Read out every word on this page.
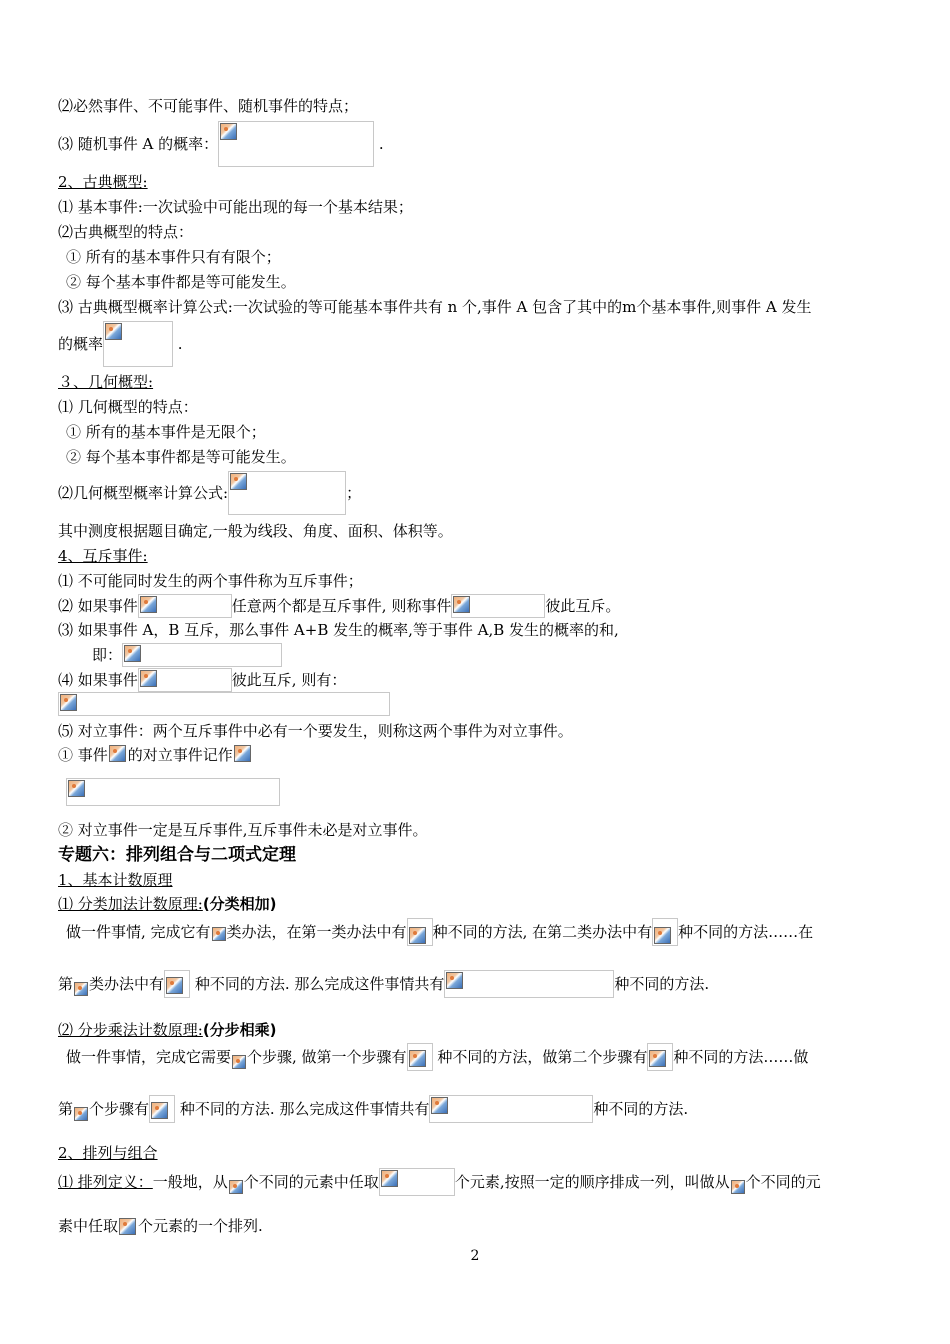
⑵必然事件、不可能事件、随机事件的特点；
⑶ 随机事件 A 的概率：	.
2、古典概型:
⑴ 基本事件:一次试验中可能出现的每一个基本结果；
⑵古典概型的特点：
① 所有的基本事件只有有限个；
② 每个基本事件都是等可能发生。
⑶ 古典概型概率计算公式:一次试验的等可能基本事件共有 n 个,事件 A 包含了其中的m个基本事件,则事件 A 发生
的概率	.
３、几何概型:
⑴ 几何概型的特点：
① 所有的基本事件是无限个；
② 每个基本事件都是等可能发生。
⑵几何概型概率计算公式:	；
其中测度根据题目确定,一般为线段、角度、面积、体积等。
4、互斥事件:
⑴ 不可能同时发生的两个事件称为互斥事件；
⑵ 如果事件	任意两个都是互斥事件, 则称事件	彼此互斥。
⑶ 如果事件 A，B 互斥，那么事件 A+B 发生的概率,等于事件 A,B 发生的概率的和,
即：
⑷ 如果事件	彼此互斥, 则有：
⑸ 对立事件：两个互斥事件中必有一个要发生，则称这两个事件为对立事件。
① 事件 的对立事件记作
② 对立事件一定是互斥事件,互斥事件未必是对立事件。
专题六：排列组合与二项式定理
1、基本计数原理
⑴ 分类加法计数原理:(分类相加)
做一件事情, 完成它有 类办法，在第一类办法中有 种不同的方法, 在第二类办法中有 种不同的方法……在
第 类办法中有 种不同的方法. 那么完成这件事情共有	种不同的方法.
⑵ 分步乘法计数原理:(分步相乘)
做一件事情，完成它需要 个步骤, 做第一个步骤有 种不同的方法，做第二个步骤有 种不同的方法……做
第 个步骤有 种不同的方法. 那么完成这件事情共有	种不同的方法.
2、排列与组合
⑴ 排列定义：一般地，从 个不同的元素中任取	个元素,按照一定的顺序排成一列，叫做从 个不同的元
素中任取 个元素的一个排列.
2
